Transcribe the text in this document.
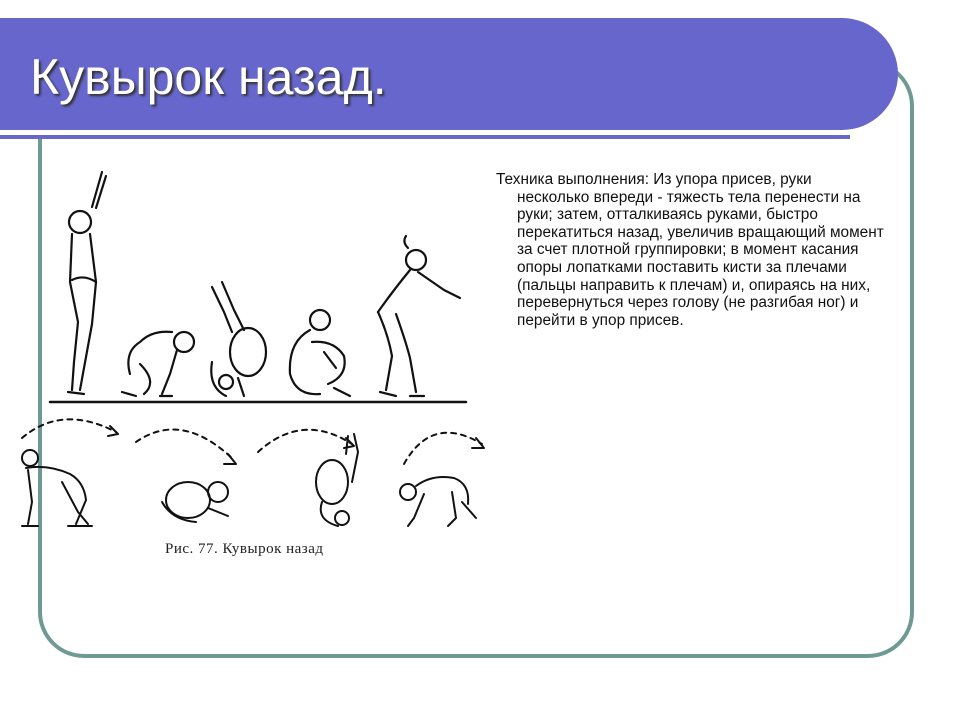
Кувырок назад.

Техника выполнения: Из упора присев, руки несколько впереди - тяжесть тела перенести на руки; затем, отталкиваясь руками, быстро перекатиться назад, увеличив вращающий момент за счет плотной группировки; в момент касания опоры лопатками поставить кисти за плечами (пальцы направить к плечам) и, опираясь на них, перевернуться через голову (не разгибая ног) и перейти в упор присев.

Рис. 77. Кувырок назад
